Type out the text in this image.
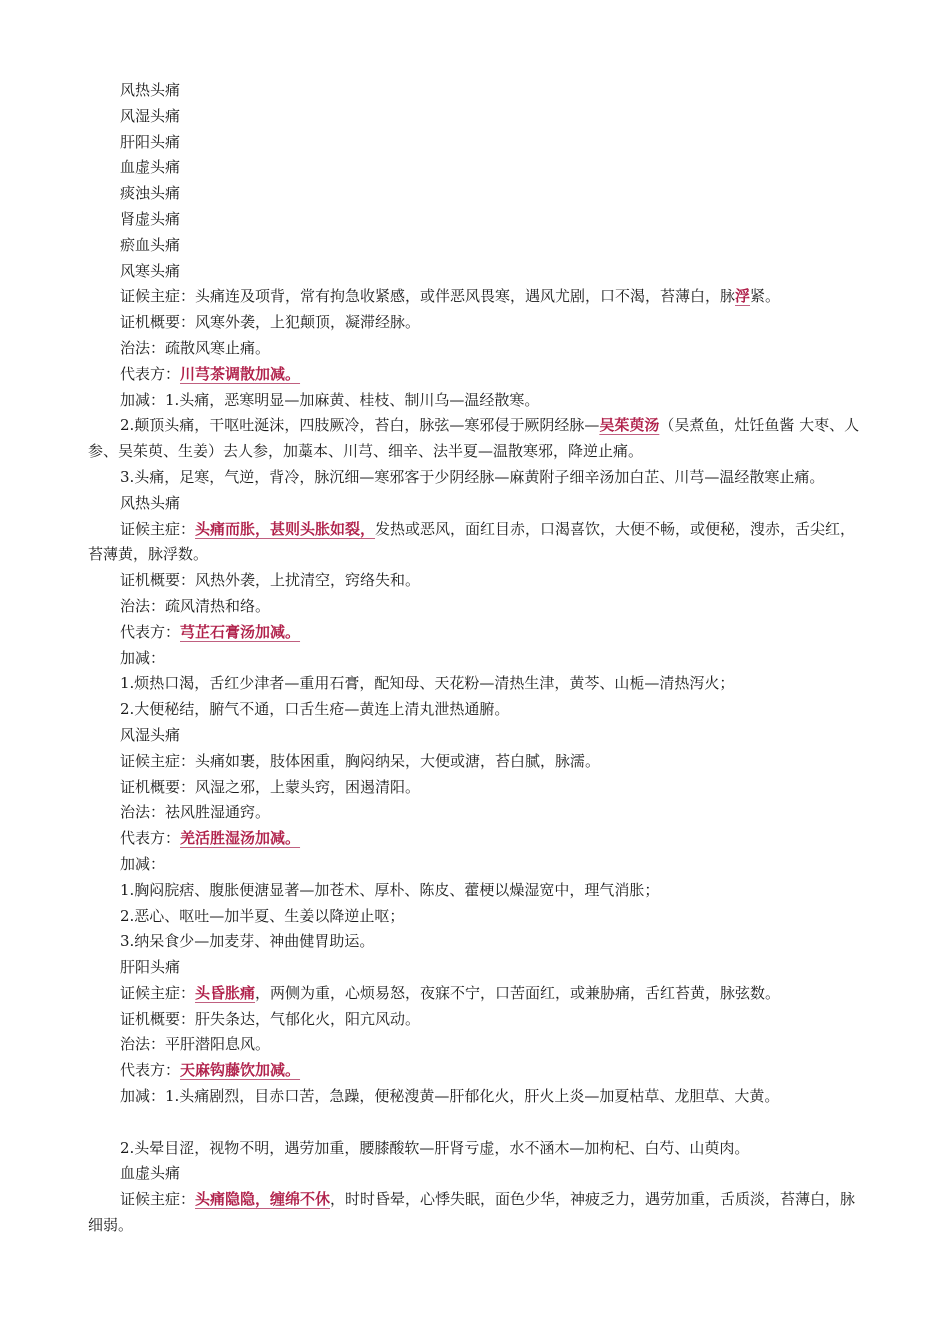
风热头痛
风湿头痛
肝阳头痛
血虚头痛
痰浊头痛
肾虚头痛
瘀血头痛
风寒头痛
证候主症：头痛连及项背，常有拘急收紧感，或伴恶风畏寒，遇风尤剧，口不渴，苔薄白，脉浮紧。
证机概要：风寒外袭，上犯颠顶，凝滞经脉。
治法：疏散风寒止痛。
代表方：川芎茶调散加减。
加减：1.头痛，恶寒明显—加麻黄、桂枝、制川乌—温经散寒。
2.颠顶头痛，干呕吐涎沫，四肢厥冷，苔白，脉弦—寒邪侵于厥阴经脉—吴茱萸汤（吴煮鱼，灶饪鱼酱 大枣、人参、吴茱萸、生姜）去人参，加藁本、川芎、细辛、法半夏—温散寒邪，降逆止痛。
3.头痛，足寒，气逆，背冷，脉沉细—寒邪客于少阴经脉—麻黄附子细辛汤加白芷、川芎—温经散寒止痛。
风热头痛
证候主症：头痛而胀，甚则头胀如裂，发热或恶风，面红目赤，口渴喜饮，大便不畅，或便秘，溲赤，舌尖红，苔薄黄，脉浮数。
证机概要：风热外袭，上扰清空，窍络失和。
治法：疏风清热和络。
代表方：芎芷石膏汤加减。
加减：
1.烦热口渴，舌红少津者—重用石膏，配知母、天花粉—清热生津，黄芩、山栀—清热泻火；
2.大便秘结，腑气不通，口舌生疮—黄连上清丸泄热通腑。
风湿头痛
证候主症：头痛如裹，肢体困重，胸闷纳呆，大便或溏，苔白腻，脉濡。
证机概要：风湿之邪，上蒙头窍，困遏清阳。
治法：祛风胜湿通窍。
代表方：羌活胜湿汤加减。
加减：
1.胸闷脘痞、腹胀便溏显著—加苍术、厚朴、陈皮、藿梗以燥湿宽中，理气消胀；
2.恶心、呕吐—加半夏、生姜以降逆止呕；
3.纳呆食少—加麦芽、神曲健胃助运。
肝阳头痛
证候主症：头昏胀痛，两侧为重，心烦易怒，夜寐不宁，口苦面红，或兼胁痛，舌红苔黄，脉弦数。
证机概要：肝失条达，气郁化火，阳亢风动。
治法：平肝潜阳息风。
代表方：天麻钩藤饮加减。
加减：1.头痛剧烈，目赤口苦，急躁，便秘溲黄—肝郁化火，肝火上炎—加夏枯草、龙胆草、大黄。
2.头晕目涩，视物不明，遇劳加重，腰膝酸软—肝肾亏虚，水不涵木—加枸杞、白芍、山萸肉。
血虚头痛
证候主症：头痛隐隐，缠绵不休，时时昏晕，心悸失眠，面色少华，神疲乏力，遇劳加重，舌质淡，苔薄白，脉细弱。
